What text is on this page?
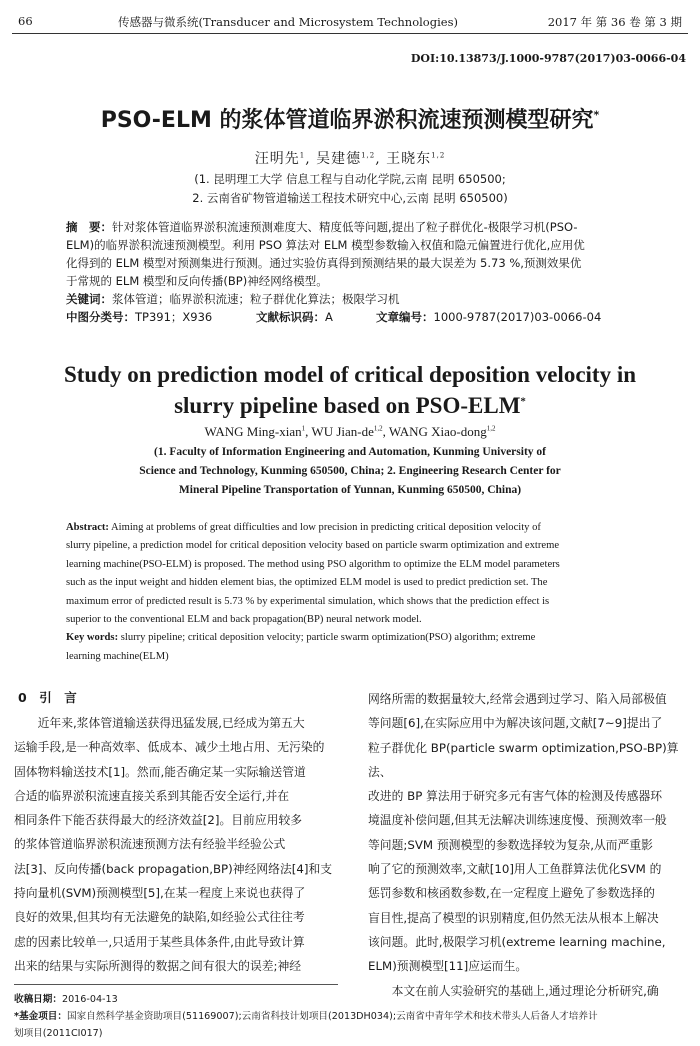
66	传感器与微系统(Transducer and Microsystem Technologies)	2017 年 第 36 卷 第 3 期
DOI:10.13873/J.1000-9787(2017)03-0066-04
PSO-ELM 的浆体管道临界淤积流速预测模型研究*
汪明先$^1$, 吴建德$^{1,2}$, 王晓东$^{1,2}$
(1. 昆明理工大学 信息工程与自动化学院,云南 昆明 650500;
2. 云南省矿物管道输送工程技术研究中心,云南 昆明 650500)
摘　要：针对浆体管道临界淤积流速预测难度大、精度低等问题,提出了粒子群优化-极限学习机(PSO-
ELM)的临界淤积流速预测模型。利用 PSO 算法对 ELM 模型参数输入权值和隐元偏置进行优化,应用优
化得到的 ELM 模型对预测集进行预测。通过实验仿真得到预测结果的最大误差为 5.73 %,预测效果优
于常规的 ELM 模型和反向传播(BP)神经网络模型。
关键词：浆体管道；临界淤积流速；粒子群优化算法；极限学习机
中图分类号：TP391；X936	文献标识码：A	文章编号：1000-9787(2017)03-0066-04
Study on prediction model of critical deposition velocity in
slurry pipeline based on PSO-ELM*
WANG Ming-xian$^1$, WU Jian-de$^{1,2}$, WANG Xiao-dong$^{1,2}$
(1. Faculty of Information Engineering and Automation, Kunming University of
Science and Technology, Kunming 650500, China; 2. Engineering Research Center for
Mineral Pipeline Transportation of Yunnan, Kunming 650500, China)
Abstract: Aiming at problems of great difficulties and low precision in predicting critical deposition velocity of
slurry pipeline, a prediction model for critical deposition velocity based on particle swarm optimization and extreme
learning machine(PSO-ELM) is proposed. The method using PSO algorithm to optimize the ELM model parameters
such as the input weight and hidden element bias, the optimized ELM model is used to predict prediction set. The
maximum error of predicted result is 5.73 % by experimental simulation, which shows that the prediction effect is
superior to the conventional ELM and back propagation(BP) neural network model.
Key words: slurry pipeline; critical deposition velocity; particle swarm optimization(PSO) algorithm; extreme
learning machine(ELM)
0　引　言

　　近年来,浆体管道输送获得迅猛发展,已经成为第五大

运输手段,是一种高效率、低成本、减少土地占用、无污染的

固体物料输送技术[1]。然而,能否确定某一实际输送管道

合适的临界淤积流速直接关系到其能否安全运行,并在

相同条件下能否获得最大的经济效益[2]。目前应用较多

的浆体管道临界淤积流速预测方法有经验半经验公式

法[3]、反向传播(back propagation,BP)神经网络法[4]和支

持向量机(SVM)预测模型[5],在某一程度上来说也获得了

良好的效果,但其均有无法避免的缺陷,如经验公式往往考

虑的因素比较单一,只适用于某些具体条件,由此导致计算

出来的结果与实际所测得的数据之间有很大的误差;神经

网络所需的数据量较大,经常会遇到过学习、陷入局部极值

等问题[6],在实际应用中为解决该问题,文献[7~9]提出了

粒子群优化 BP(particle swarm optimization,PSO-BP)算法、

改进的 BP 算法用于研究多元有害气体的检测及传感器环

境温度补偿问题,但其无法解决训练速度慢、预测效率一般

等问题;SVM 预测模型的参数选择较为复杂,从而严重影

响了它的预测效率,文献[10]用人工鱼群算法优化SVM 的

惩罚参数和核函数参数,在一定程度上避免了参数选择的

盲目性,提高了模型的识别精度,但仍然无法从根本上解决

该问题。此时,极限学习机(extreme learning machine,

ELM)预测模型[11]应运而生。

　　本文在前人实验研究的基础上,通过理论分析研究,确

收稿日期：2016-04-13
*基金项目：国家自然科学基金资助项目(51169007);云南省科技计划项目(2013DH034);云南省中青年学术和技术带头人后备人才培养计
划项目(2011CI017)
